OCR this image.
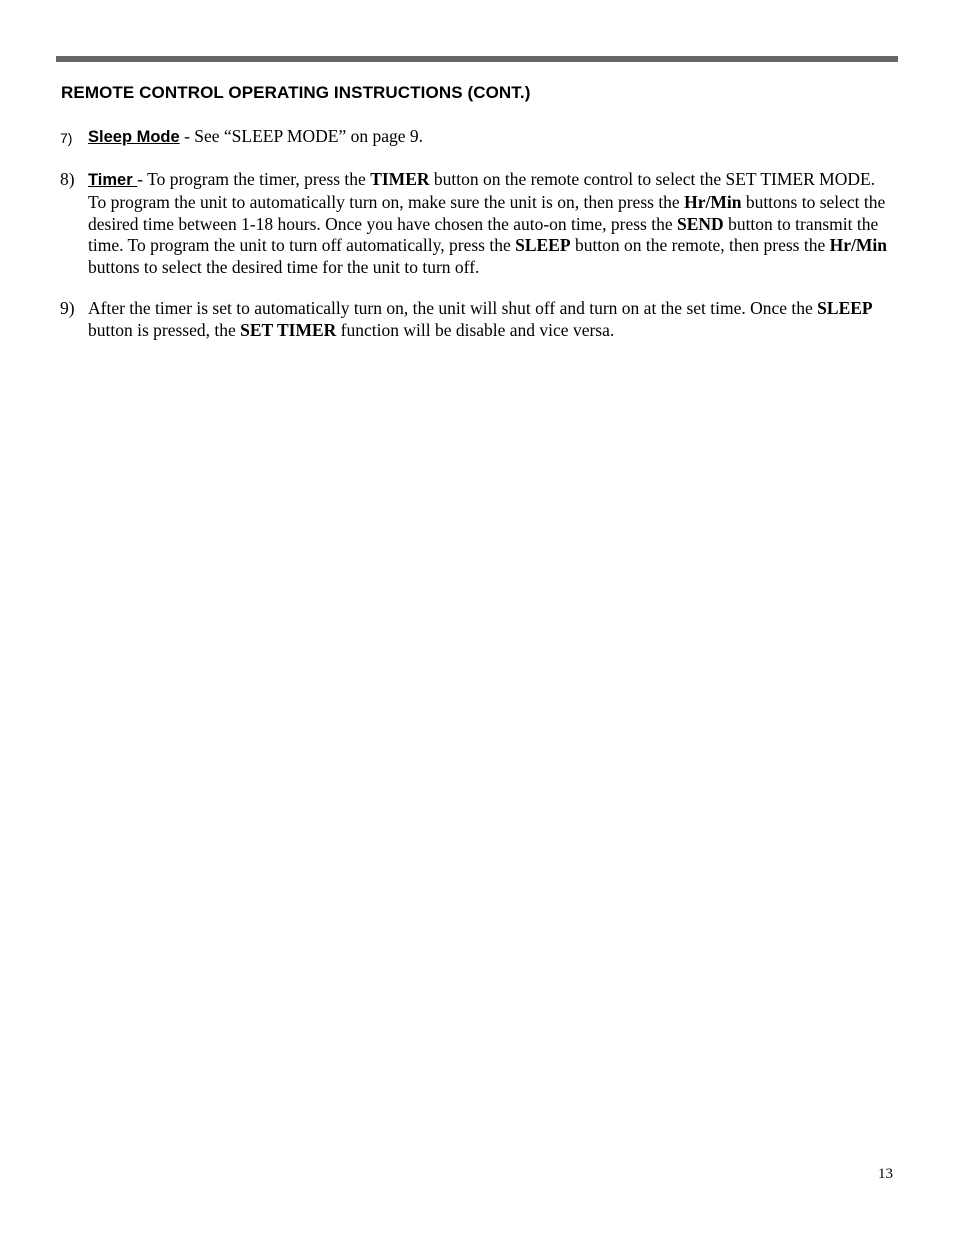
REMOTE CONTROL OPERATING INSTRUCTIONS (CONT.)
7) Sleep Mode - See “SLEEP MODE” on page 9.
8) Timer - To program the timer, press the TIMER button on the remote control to select the SET TIMER MODE. To program the unit to automatically turn on, make sure the unit is on, then press the Hr/Min buttons to select the desired time between 1-18 hours. Once you have chosen the auto-on time, press the SEND button to transmit the time. To program the unit to turn off automatically, press the SLEEP button on the remote, then press the Hr/Min buttons to select the desired time for the unit to turn off.
9) After the timer is set to automatically turn on, the unit will shut off and turn on at the set time. Once the SLEEP button is pressed, the SET TIMER function will be disable and vice versa.
13
